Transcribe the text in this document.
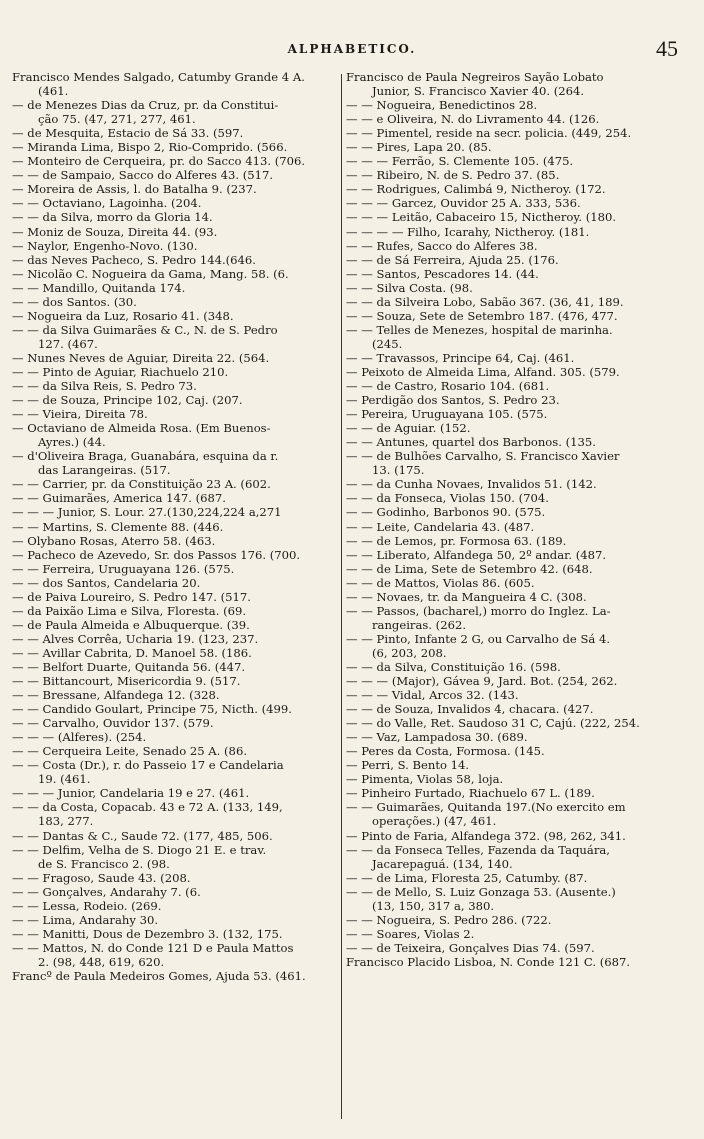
ALPHABETICO.	45

Francisco Mendes Salgado, Catumby Grande 4 A.
(461.

— de Menezes Dias da Cruz, pr. da Constitui-
ção 75. (47, 271, 277, 461.

— de Mesquita, Estacio de Sá 33. (597.

— Miranda Lima, Bispo 2, Rio-Comprido. (566.

— Monteiro de Cerqueira, pr. do Sacco 413. (706.

— — de Sampaio, Sacco do Alferes 43. (517.

— Moreira de Assis, l. do Batalha 9. (237.

— — Octaviano, Lagoinha. (204.

— — da Silva, morro da Gloria 14.

— Moniz de Souza, Direita 44. (93.

— Naylor, Engenho-Novo. (130.

— das Neves Pacheco, S. Pedro 144.(646.

— Nicolão C. Nogueira da Gama, Mang. 58. (6.

— — Mandillo, Quitanda 174.

— — dos Santos. (30.

— Nogueira da Luz, Rosario 41. (348.

— — da Silva Guimarães & C., N. de S. Pedro
127. (467.

— Nunes Neves de Aguiar, Direita 22. (564.

— — Pinto de Aguiar, Riachuelo 210.

— — da Silva Reis, S. Pedro 73.

— — de Souza, Principe 102, Caj. (207.

— — Vieira, Direita 78.

— Octaviano de Almeida Rosa. (Em Buenos-
Ayres.) (44.

— d'Oliveira Braga, Guanabára, esquina da r.
das Larangeiras. (517.

— — Carrier, pr. da Constituição 23 A. (602.

— — Guimarães, America 147. (687.

— — — Junior, S. Lour. 27.(130,224,224 a,271

— — Martins, S. Clemente 88. (446.

— Olybano Rosas, Aterro 58. (463.

— Pacheco de Azevedo, Sr. dos Passos 176. (700.

— — Ferreira, Uruguayana 126. (575.

— — dos Santos, Candelaria 20.

— de Paiva Loureiro, S. Pedro 147. (517.

— da Paixão Lima e Silva, Floresta. (69.

— de Paula Almeida e Albuquerque. (39.

— — Alves Corrêa, Ucharia 19. (123, 237.

— — Avillar Cabrita, D. Manoel 58. (186.

— — Belfort Duarte, Quitanda 56. (447.

— — Bittancourt, Misericordia 9. (517.

— — Bressane, Alfandega 12. (328.

— — Candido Goulart, Principe 75, Nicth. (499.

— — Carvalho, Ouvidor 137. (579.

— — — (Alferes). (254.

— — Cerqueira Leite, Senado 25 A. (86.

— — Costa (Dr.), r. do Passeio 17 e Candelaria
19. (461.

— — — Junior, Candelaria 19 e 27. (461.

— — da Costa, Copacab. 43 e 72 A. (133, 149,
183, 277.

— — Dantas & C., Saude 72. (177, 485, 506.

— — Delfim, Velha de S. Diogo 21 E. e trav.
de S. Francisco 2. (98.

— — Fragoso, Saude 43. (208.

— — Gonçalves, Andarahy 7. (6.

— — Lessa, Rodeio. (269.

— — Lima, Andarahy 30.

— — Manitti, Dous de Dezembro 3. (132, 175.

— — Mattos, N. do Conde 121 D e Paula Mattos
2. (98, 448, 619, 620.

Francº de Paula Medeiros Gomes, Ajuda 53. (461.

Francisco de Paula Negreiros Sayão Lobato
Junior, S. Francisco Xavier 40. (264.

— — Nogueira, Benedictinos 28.

— — e Oliveira, N. do Livramento 44. (126.

— — Pimentel, reside na secr. policia. (449, 254.

— — Pires, Lapa 20. (85.

— — — Ferrão, S. Clemente 105. (475.

— — Ribeiro, N. de S. Pedro 37. (85.

— — Rodrigues, Calimbá 9, Nictheroy. (172.

— — — Garcez, Ouvidor 25 A. 333, 536.

— — — Leitão, Cabaceiro 15, Nictheroy. (180.

— — — — Filho, Icarahy, Nictheroy. (181.

— — Rufes, Sacco do Alferes 38.

— — de Sá Ferreira, Ajuda 25. (176.

— — Santos, Pescadores 14. (44.

— — Silva Costa. (98.

— — da Silveira Lobo, Sabão 367. (36, 41, 189.

— — Souza, Sete de Setembro 187. (476, 477.

— — Telles de Menezes, hospital de marinha.
(245.

— — Travassos, Principe 64, Caj. (461.

— Peixoto de Almeida Lima, Alfand. 305. (579.

— — de Castro, Rosario 104. (681.

— Perdigão dos Santos, S. Pedro 23.

— Pereira, Uruguayana 105. (575.

— — de Aguiar. (152.

— — Antunes, quartel dos Barbonos. (135.

— — de Bulhões Carvalho, S. Francisco Xavier
13. (175.

— — da Cunha Novaes, Invalidos 51. (142.

— — da Fonseca, Violas 150. (704.

— — Godinho, Barbonos 90. (575.

— — Leite, Candelaria 43. (487.

— — de Lemos, pr. Formosa 63. (189.

— — Liberato, Alfandega 50, 2º andar. (487.

— — de Lima, Sete de Setembro 42. (648.

— — de Mattos, Violas 86. (605.

— — Novaes, tr. da Mangueira 4 C. (308.

— — Passos, (bacharel,) morro do Inglez. La-
rangeiras. (262.

— — Pinto, Infante 2 G, ou Carvalho de Sá 4.
(6, 203, 208.

— — da Silva, Constituição 16. (598.

— — — (Major), Gávea 9, Jard. Bot. (254, 262.

— — — Vidal, Arcos 32. (143.

— — de Souza, Invalidos 4, chacara. (427.

— — do Valle, Ret. Saudoso 31 C, Cajú. (222, 254.

— — Vaz, Lampadosa 30. (689.

— Peres da Costa, Formosa. (145.

— Perri, S. Bento 14.

— Pimenta, Violas 58, loja.

— Pinheiro Furtado, Riachuelo 67 L. (189.

— — Guimarães, Quitanda 197.(No exercito em
operações.) (47, 461.

— Pinto de Faria, Alfandega 372. (98, 262, 341.

— — da Fonseca Telles, Fazenda da Taquára,
Jacarepaguá. (134, 140.

— — de Lima, Floresta 25, Catumby. (87.

— — de Mello, S. Luiz Gonzaga 53. (Ausente.)
(13, 150, 317 a, 380.

— — Nogueira, S. Pedro 286. (722.

— — Soares, Violas 2.

— — de Teixeira, Gonçalves Dias 74. (597.

Francisco Placido Lisboa, N. Conde 121 C. (687.
